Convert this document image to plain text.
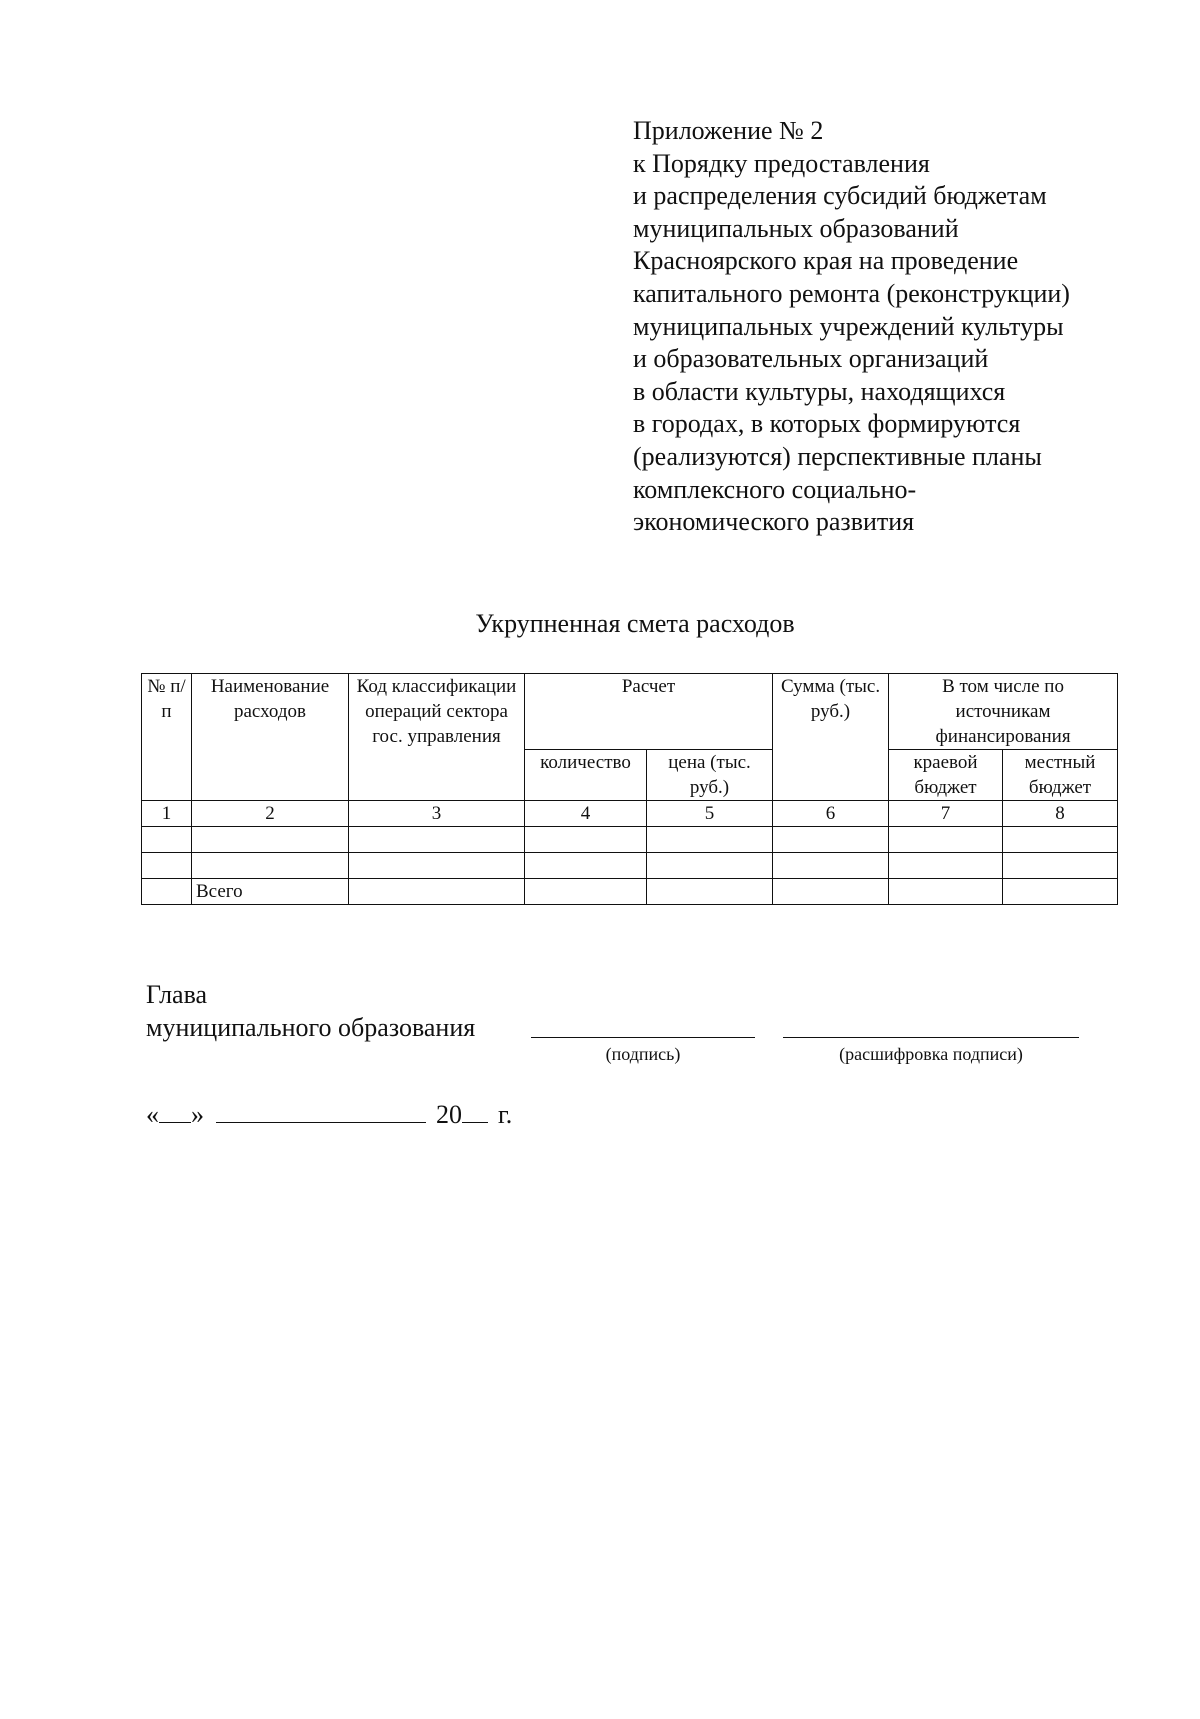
Приложение № 2
к Порядку предоставления
и распределения субсидий бюджетам
муниципальных образований
Красноярского края на проведение
капитального ремонта (реконструкции)
муниципальных учреждений культуры
и образовательных организаций
в области культуры, находящихся
в городах, в которых формируются
(реализуются) перспективные планы
комплексного социально-
экономического развития
Укрупненная смета расходов
№ п/п	Наименование расходов	Код классификации операций сектора гос. управления	Расчет		Сумма (тыс. руб.)	В том числе по источникам финансирования	
			количество	цена (тыс. руб.)		краевой бюджет	местный бюджет
1	2	3	4	5	6	7	8

	Всего						
Глава
муниципального образования
(подпись)	(расшифровка подписи)
« »	20 г.
